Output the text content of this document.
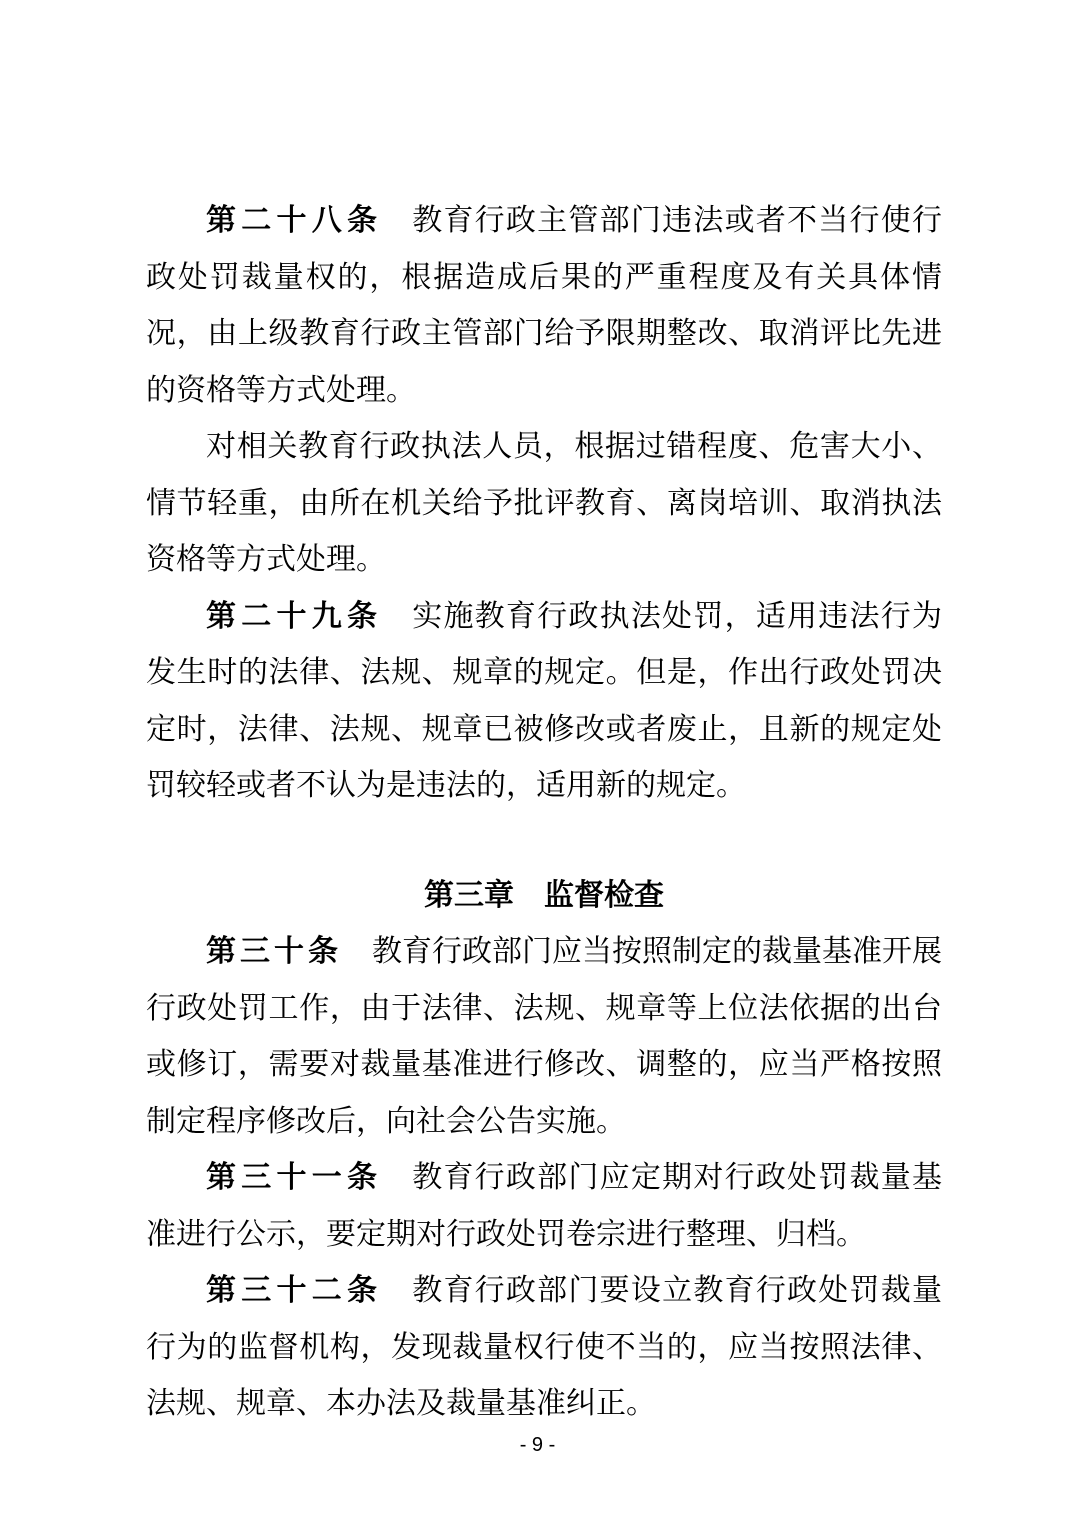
第二十八条 教育行政主管部门违法或者不当行使行政处罚裁量权的，根据造成后果的严重程度及有关具体情况，由上级教育行政主管部门给予限期整改、取消评比先进的资格等方式处理。

对相关教育行政执法人员，根据过错程度、危害大小、情节轻重，由所在机关给予批评教育、离岗培训、取消执法资格等方式处理。

第二十九条 实施教育行政执法处罚，适用违法行为发生时的法律、法规、规章的规定。但是，作出行政处罚决定时，法律、法规、规章已被修改或者废止，且新的规定处罚较轻或者不认为是违法的，适用新的规定。

第三章　监督检查

第三十条 教育行政部门应当按照制定的裁量基准开展行政处罚工作，由于法律、法规、规章等上位法依据的出台或修订，需要对裁量基准进行修改、调整的，应当严格按照制定程序修改后，向社会公告实施。

第三十一条 教育行政部门应定期对行政处罚裁量基准进行公示，要定期对行政处罚卷宗进行整理、归档。

第三十二条 教育行政部门要设立教育行政处罚裁量行为的监督机构，发现裁量权行使不当的，应当按照法律、法规、规章、本办法及裁量基准纠正。

- 9 -
